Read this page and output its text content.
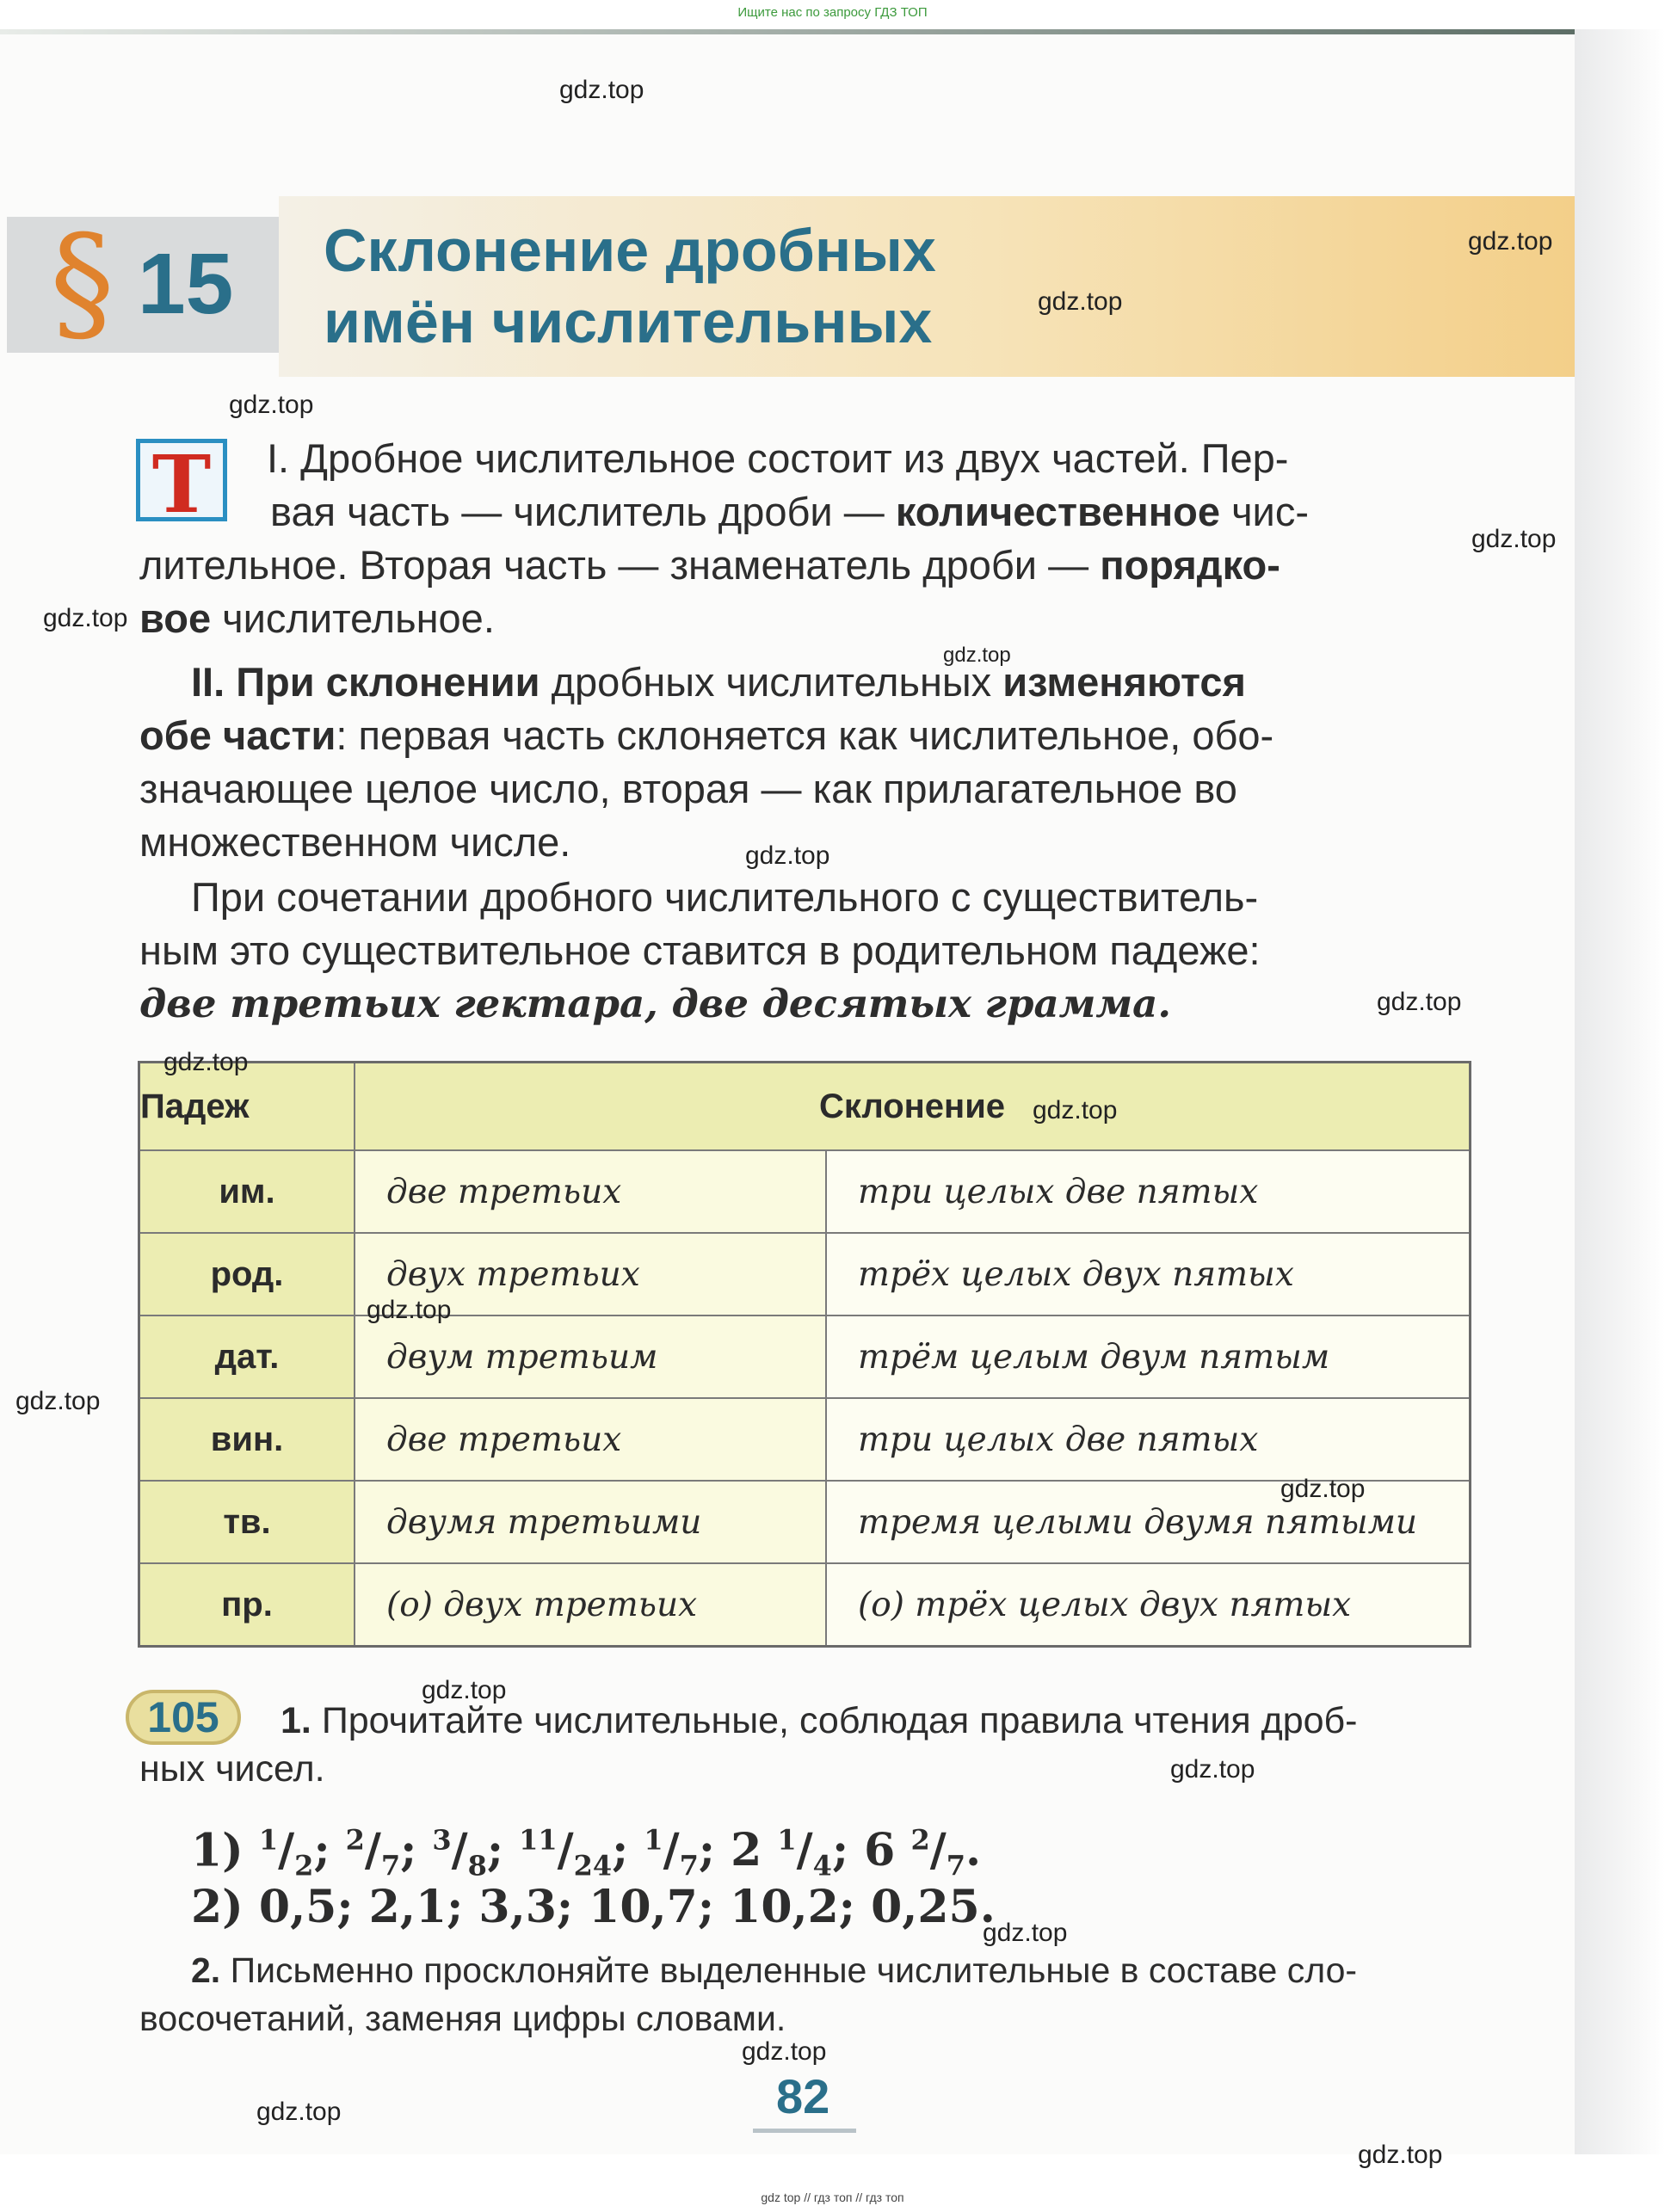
Ищите нас по запросу ГДЗ ТОП
§ 15 Склонение дробных
имён числительных
T I. Дробное числительное состоит из двух частей. Пер-
вая часть — числитель дроби — количественное чис-
лительное. Вторая часть — знаменатель дроби — порядко-
вое числительное.
II. При склонении дробных числительных изменяются
обе части: первая часть склоняется как числительное, обо-
значающее целое число, вторая — как прилагательное во
множественном числе.
При сочетании дробного числительного с существитель-
ным это существительное ставится в родительном падеже:
две третьих гектара, две десятых грамма.
Падеж	Склонение	
им.	две третьих	три целых две пятых
род.	двух третьих	трёх целых двух пятых
дат.	двум третьим	трём целым двум пятым
вин.	две третьих	три целых две пятых
тв.	двумя третьими	тремя целыми двумя пятыми
пр.	(о) двух третьих	(о) трёх целых двух пятых
105	1. Прочитайте числительные, соблюдая правила чтения дроб-
ных чисел.
1) $^1/_2$; $^2/_7$; $^3/_8$; $^{11}/_{24}$; $^1/_7$; 2 $^1/_4$; 6 $^2/_7$.
2) 0,5; 2,1; 3,3; 10,7; 10,2; 0,25.
2. Письменно просклоняйте выделенные числительные в составе сло-
восочетаний, заменяя цифры словами.
82
gdz.top
gdz.top
gdz.top
gdz.top
gdz.top
gdz.top
gdz.top
gdz.top
gdz.top
gdz.top
gdz.top
gdz.top
gdz.top
gdz.top
gdz.top
gdz.top
gdz.top
gdz.top
gdz.top
gdz.top
gdz top // гдз топ // гдз топ
